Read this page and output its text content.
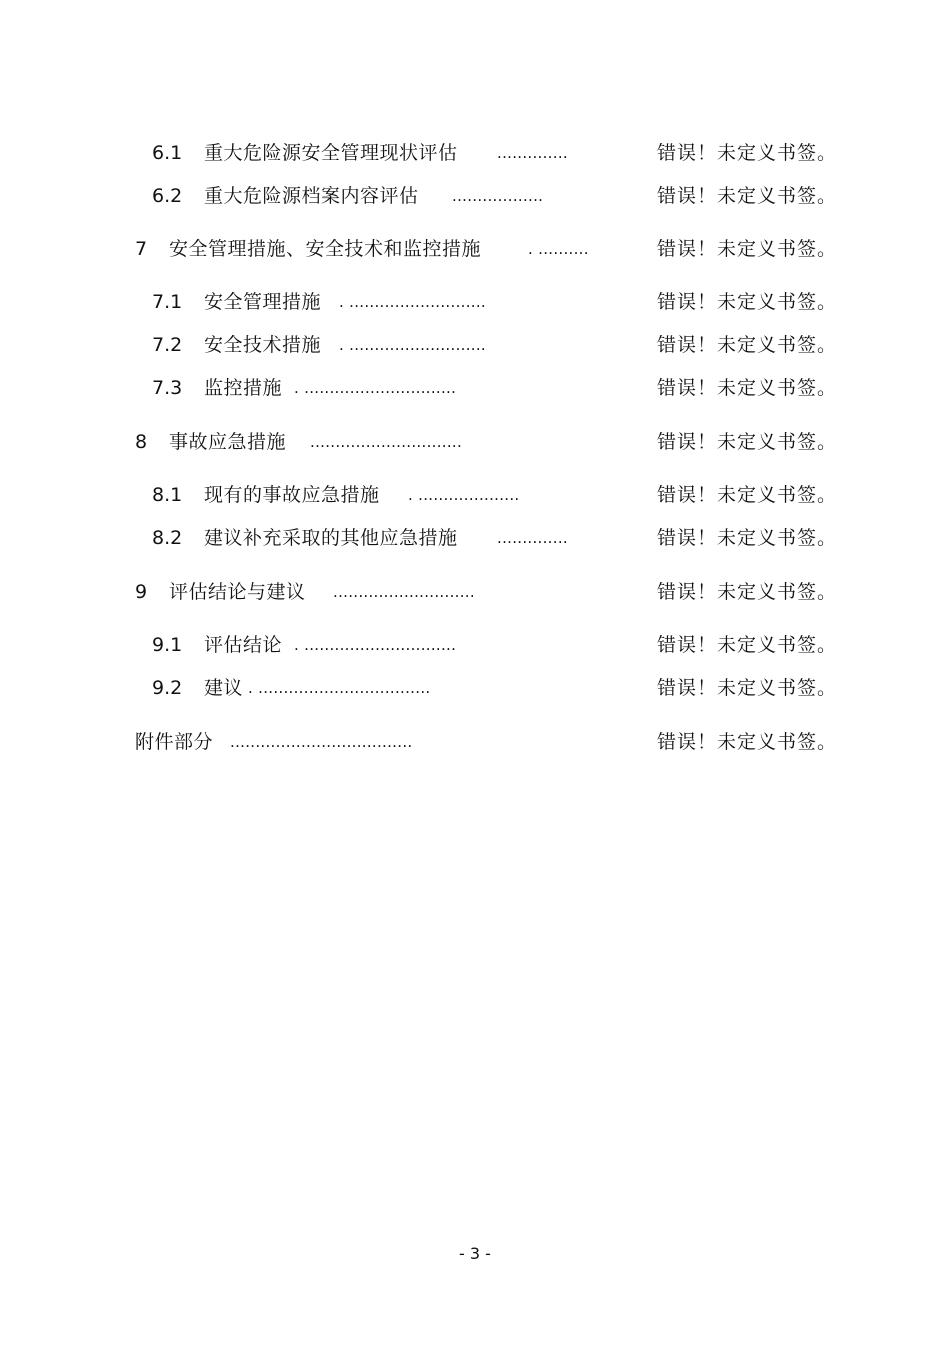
6.1 重大危险源安全管理现状评估	..............	错误！未定义书签。
6.2 重大危险源档案内容评估 ..................	错误！未定义书签。
7 安全管理措施、安全技术和监控措施	. ..........	错误！未定义书签。
7.1 安全管理措施 . ...........................	错误！未定义书签。
7.2 安全技术措施 . ...........................	错误！未定义书签。
7.3 监控措施 . ..............................	错误！未定义书签。
8 事故应急措施 ..............................	错误！未定义书签。
8.1 现有的事故应急措施 . ....................	错误！未定义书签。
8.2 建议补充采取的其他应急措施	..............	错误！未定义书签。
9 评估结论与建议 ............................	错误！未定义书签。
9.1 评估结论 . ..............................	错误！未定义书签。
9.2 建议 . ..................................	错误！未定义书签。
附件部分 ....................................	错误！未定义书签。
- 3 -
